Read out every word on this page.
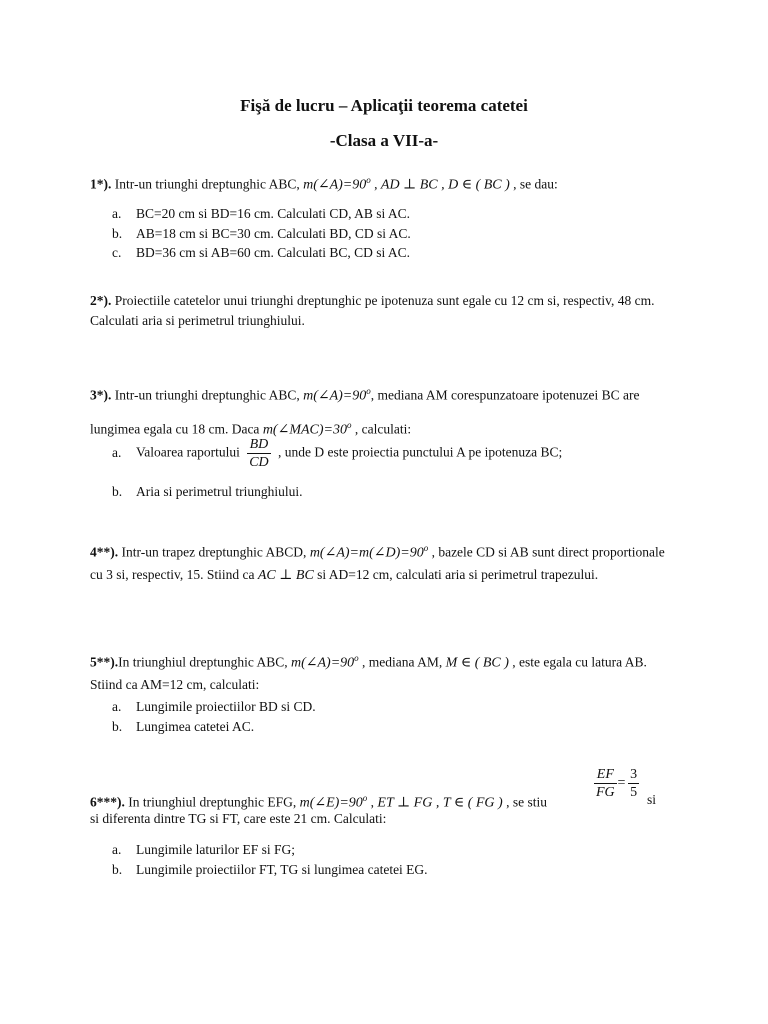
Fişă de lucru – Aplicaţii teorema catetei
-Clasa a VII-a-
1*). Intr-un triunghi dreptunghic ABC, $m(\angle A)=90^o$ , AD ⊥ BC , D ∈ ( BC ) , se dau:
a. BC=20 cm si BD=16 cm. Calculati CD, AB si AC.
b. AB=18 cm si BC=30 cm. Calculati BD, CD si AC.
c. BD=36 cm si AB=60 cm. Calculati BC, CD si AC.
2*). Proiectiile catetelor unui triunghi dreptunghic pe ipotenuza sunt egale cu 12 cm si, respectiv, 48 cm. Calculati aria si perimetrul triunghiului.
3*). Intr-un triunghi dreptunghic ABC, $m(\angle A)=90^o$, mediana AM corespunzatoare ipotenuzei BC are lungimea egala cu 18 cm. Daca $m(\angle MAC)=30^o$ , calculati:
a. Valoarea raportului $\frac{BD}{CD}$ , unde D este proiectia punctului A pe ipotenuza BC;
b. Aria si perimetrul triunghiului.
4**). Intr-un trapez dreptunghic ABCD, $m(\angle A)=m(\angle D)=90^o$ , bazele CD si AB sunt direct proportionale cu 3 si, respectiv, 15. Stiind ca AC ⊥ BC si AD=12 cm, calculati aria si perimetrul trapezului.
5**).In triunghiul dreptunghic ABC, $m(\angle A)=90^o$ , mediana AM, M ∈ ( BC ) , este egala cu latura AB. Stiind ca AM=12 cm, calculati:
a. Lungimile proiectiilor BD si CD.
b. Lungimea catetei AC.
$\frac{EF}{FG} = \frac{3}{5}$
6***). In triunghiul dreptunghic EFG, $m(\angle E)=90^o$ , ET ⊥ FG , T ∈ ( FG ) , se stiu	si
si diferenta dintre TG si FT, care este 21 cm. Calculati:
a. Lungimile laturilor EF si FG;
b. Lungimile proiectiilor FT, TG si lungimea catetei EG.
